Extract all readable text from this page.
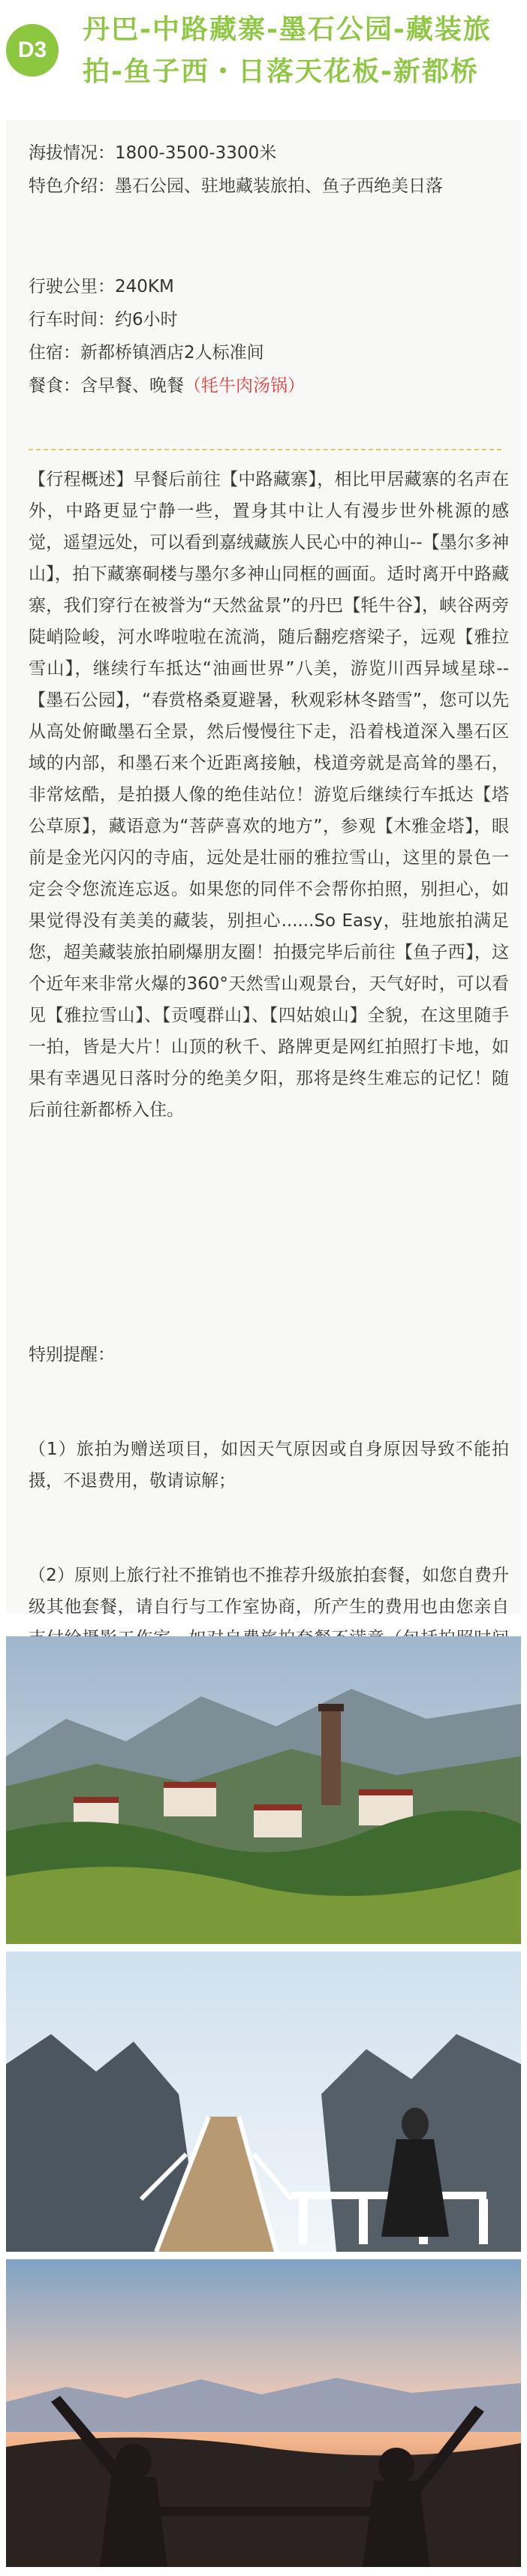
D3
丹巴-中路藏寨-墨石公园-藏装旅拍-鱼子西・日落天花板-新都桥
海拔情况：1800-3500-3300米
特色介绍：墨石公园、驻地藏装旅拍、鱼子西绝美日落
行驶公里：240KM
行车时间：约6小时
住宿：新都桥镇酒店2人标准间
餐食：含早餐、晚餐（牦牛肉汤锅）

【行程概述】早餐后前往【中路藏寨】，相比甲居藏寨的名声在外，中路更显宁静一些，置身其中让人有漫步世外桃源的感觉，遥望远处，可以看到嘉绒藏族人民心中的神山--【墨尔多神山】，拍下藏寨硐楼与墨尔多神山同框的画面。适时离开中路藏寨，我们穿行在被誉为“天然盆景”的丹巴【牦牛谷】，峡谷两旁陡峭险峻，河水哗啦啦在流淌，随后翻疙瘩梁子，远观【雅拉雪山】，继续行车抵达“油画世界”八美，游览川西异域星球--【墨石公园】，“春赏格桑夏避暑，秋观彩林冬踏雪”，您可以先从高处俯瞰墨石全景，然后慢慢往下走，沿着栈道深入墨石区域的内部，和墨石来个近距离接触，栈道旁就是高耸的墨石，非常炫酷，是拍摄人像的绝佳站位！游览后继续行车抵达【塔公草原】，藏语意为“菩萨喜欢的地方”，参观【木雅金塔】，眼前是金光闪闪的寺庙，远处是壮丽的雅拉雪山，这里的景色一定会令您流连忘返。如果您的同伴不会帮你拍照，别担心，如果觉得没有美美的藏装，别担心......So Easy，驻地旅拍满足您，超美藏装旅拍刷爆朋友圈！拍摄完毕后前往【鱼子西】，这个近年来非常火爆的360°天然雪山观景台，天气好时，可以看见【雅拉雪山】、【贡嘎群山】、【四姑娘山】全貌，在这里随手一拍，皆是大片！山顶的秋千、路牌更是网红拍照打卡地，如果有幸遇见日落时分的绝美夕阳，那将是终生难忘的记忆！随后前往新都桥入住。

特别提醒：

（1）旅拍为赠送项目，如因天气原因或自身原因导致不能拍摄，不退费用，敬请谅解；

（2）原则上旅行社不推销也不推荐升级旅拍套餐，如您自费升级其他套餐，请自行与工作室协商，所产生的费用也由您亲自
